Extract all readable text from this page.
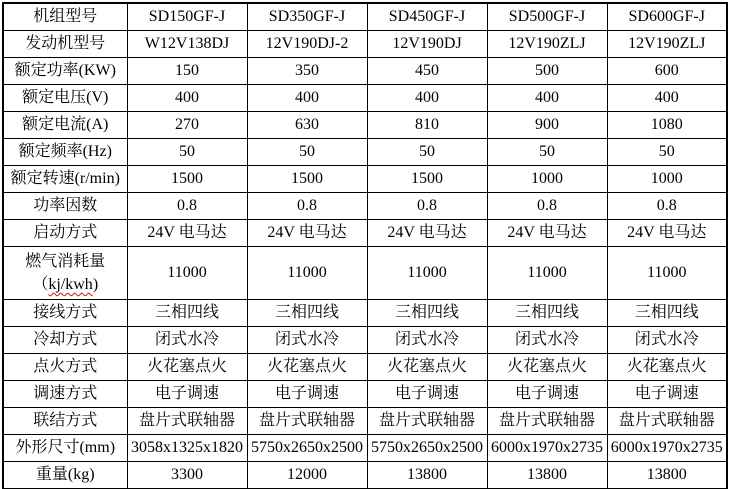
机组型号	SD150GF-J	SD350GF-J	SD450GF-J	SD500GF-J	SD600GF-J
发动机型号	W12V138DJ	12V190DJ-2	12V190DJ	12V190ZLJ	12V190ZLJ
额定功率(KW)	150	350	450	500	600
额定电压(V)	400	400	400	400	400
额定电流(A)	270	630	810	900	1080
额定频率(Hz)	50	50	50	50	50
额定转速(r/min)	1500	1500	1500	1000	1000
功率因数	0.8	0.8	0.8	0.8	0.8
启动方式	24V 电马达	24V 电马达	24V 电马达	24V 电马达	24V 电马达
燃气消耗量
（kj/kwh)	11000	11000	11000	11000	11000
接线方式	三相四线	三相四线	三相四线	三相四线	三相四线
冷却方式	闭式水冷	闭式水冷	闭式水冷	闭式水冷	闭式水冷
点火方式	火花塞点火	火花塞点火	火花塞点火	火花塞点火	火花塞点火
调速方式	电子调速	电子调速	电子调速	电子调速	电子调速
联结方式	盘片式联轴器	盘片式联轴器	盘片式联轴器	盘片式联轴器	盘片式联轴器
外形尺寸(mm)	3058x1325x1820	5750x2650x2500	5750x2650x2500	6000x1970x2735	6000x1970x2735
重量(kg)	3300	12000	13800	13800	13800
